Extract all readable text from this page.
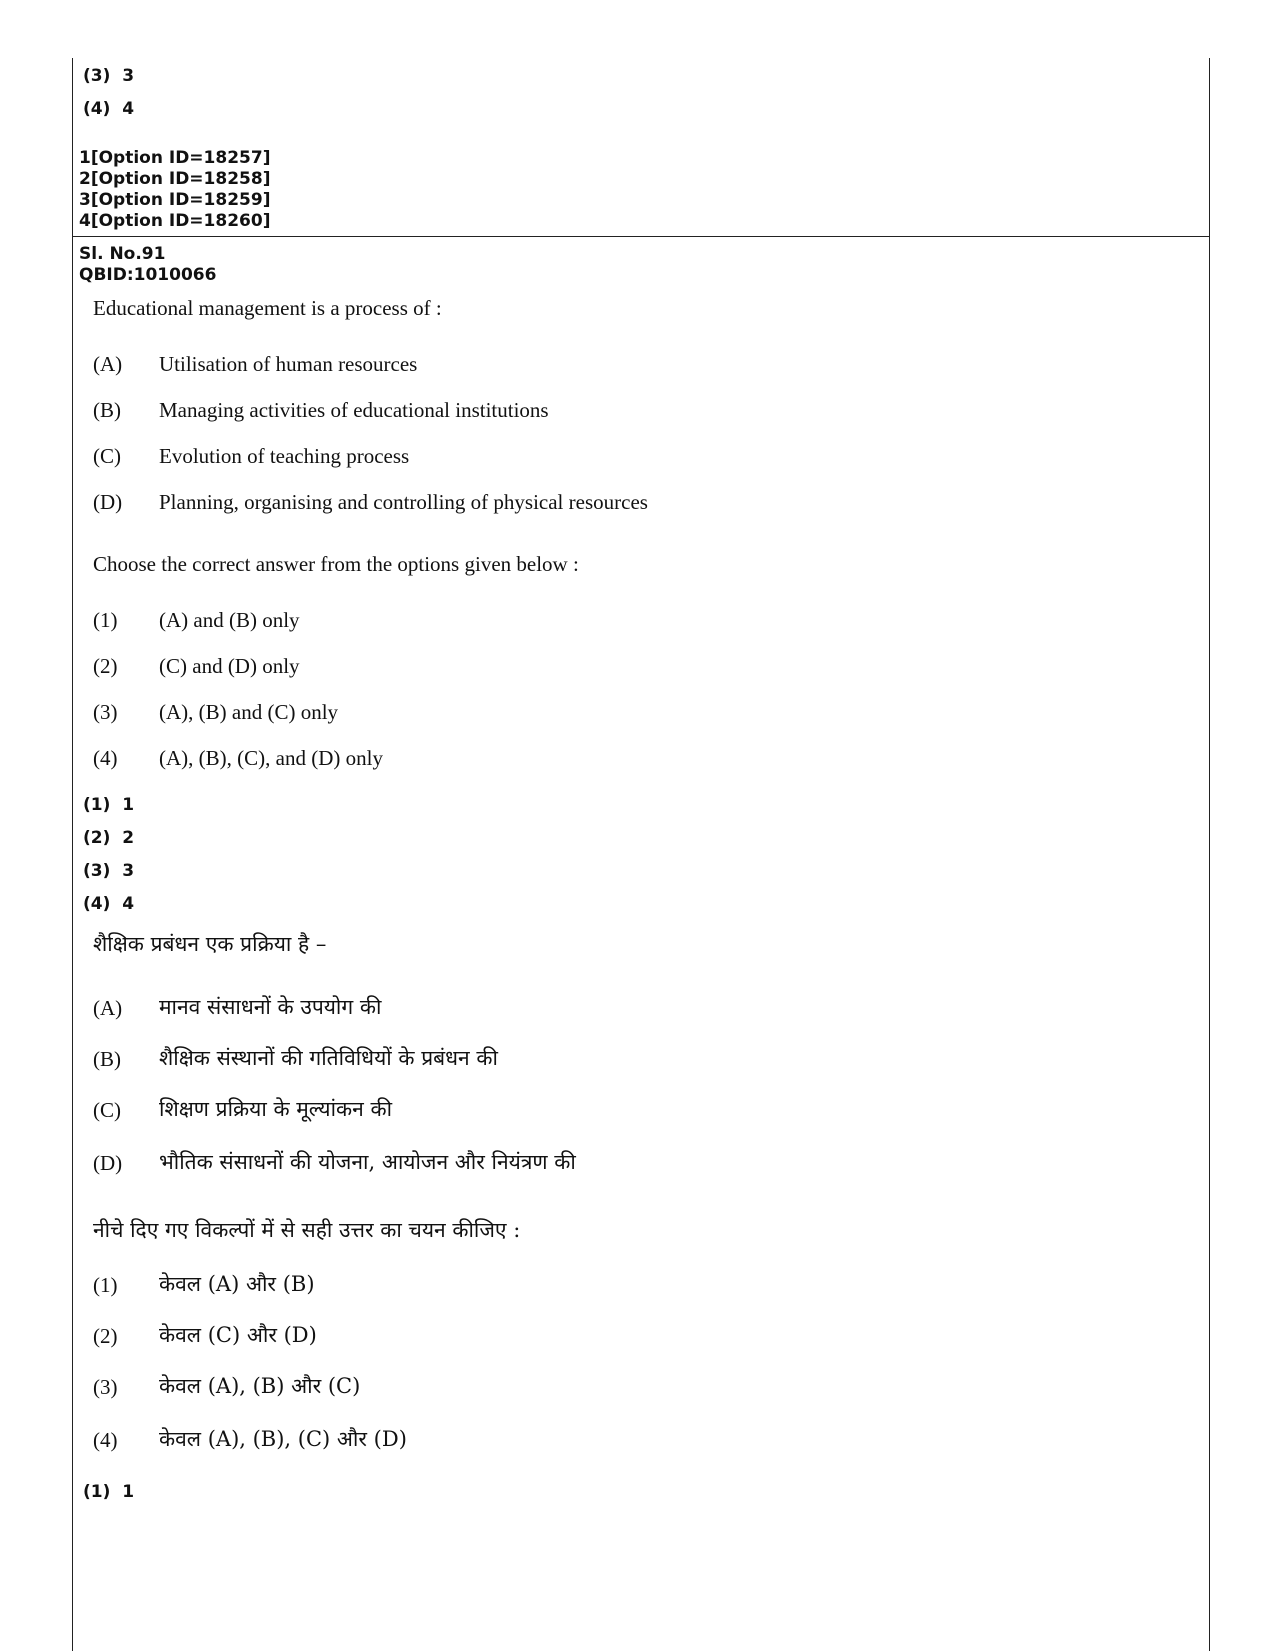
(3) 3
(4) 4
1[Option ID=18257]
2[Option ID=18258]
3[Option ID=18259]
4[Option ID=18260]
Sl. No.91
QBID:1010066
Educational management is a process of :
(A) Utilisation of human resources
(B) Managing activities of educational institutions
(C) Evolution of teaching process
(D) Planning, organising and controlling of physical resources
Choose the correct answer from the options given below :
(1) (A) and (B) only
(2) (C) and (D) only
(3) (A), (B) and (C) only
(4) (A), (B), (C), and (D) only
(1) 1
(2) 2
(3) 3
(4) 4
शैक्षिक प्रबंधन एक प्रक्रिया है –
(A) मानव संसाधनों के उपयोग की
(B) शैक्षिक संस्थानों की गतिविधियों के प्रबंधन की
(C) शिक्षण प्रक्रिया के मूल्यांकन की
(D) भौतिक संसाधनों की योजना, आयोजन और नियंत्रण की
नीचे दिए गए विकल्पों में से सही उत्तर का चयन कीजिए :
(1) केवल (A) और (B)
(2) केवल (C) और (D)
(3) केवल (A), (B) और (C)
(4) केवल (A), (B), (C) और (D)
(1) 1
